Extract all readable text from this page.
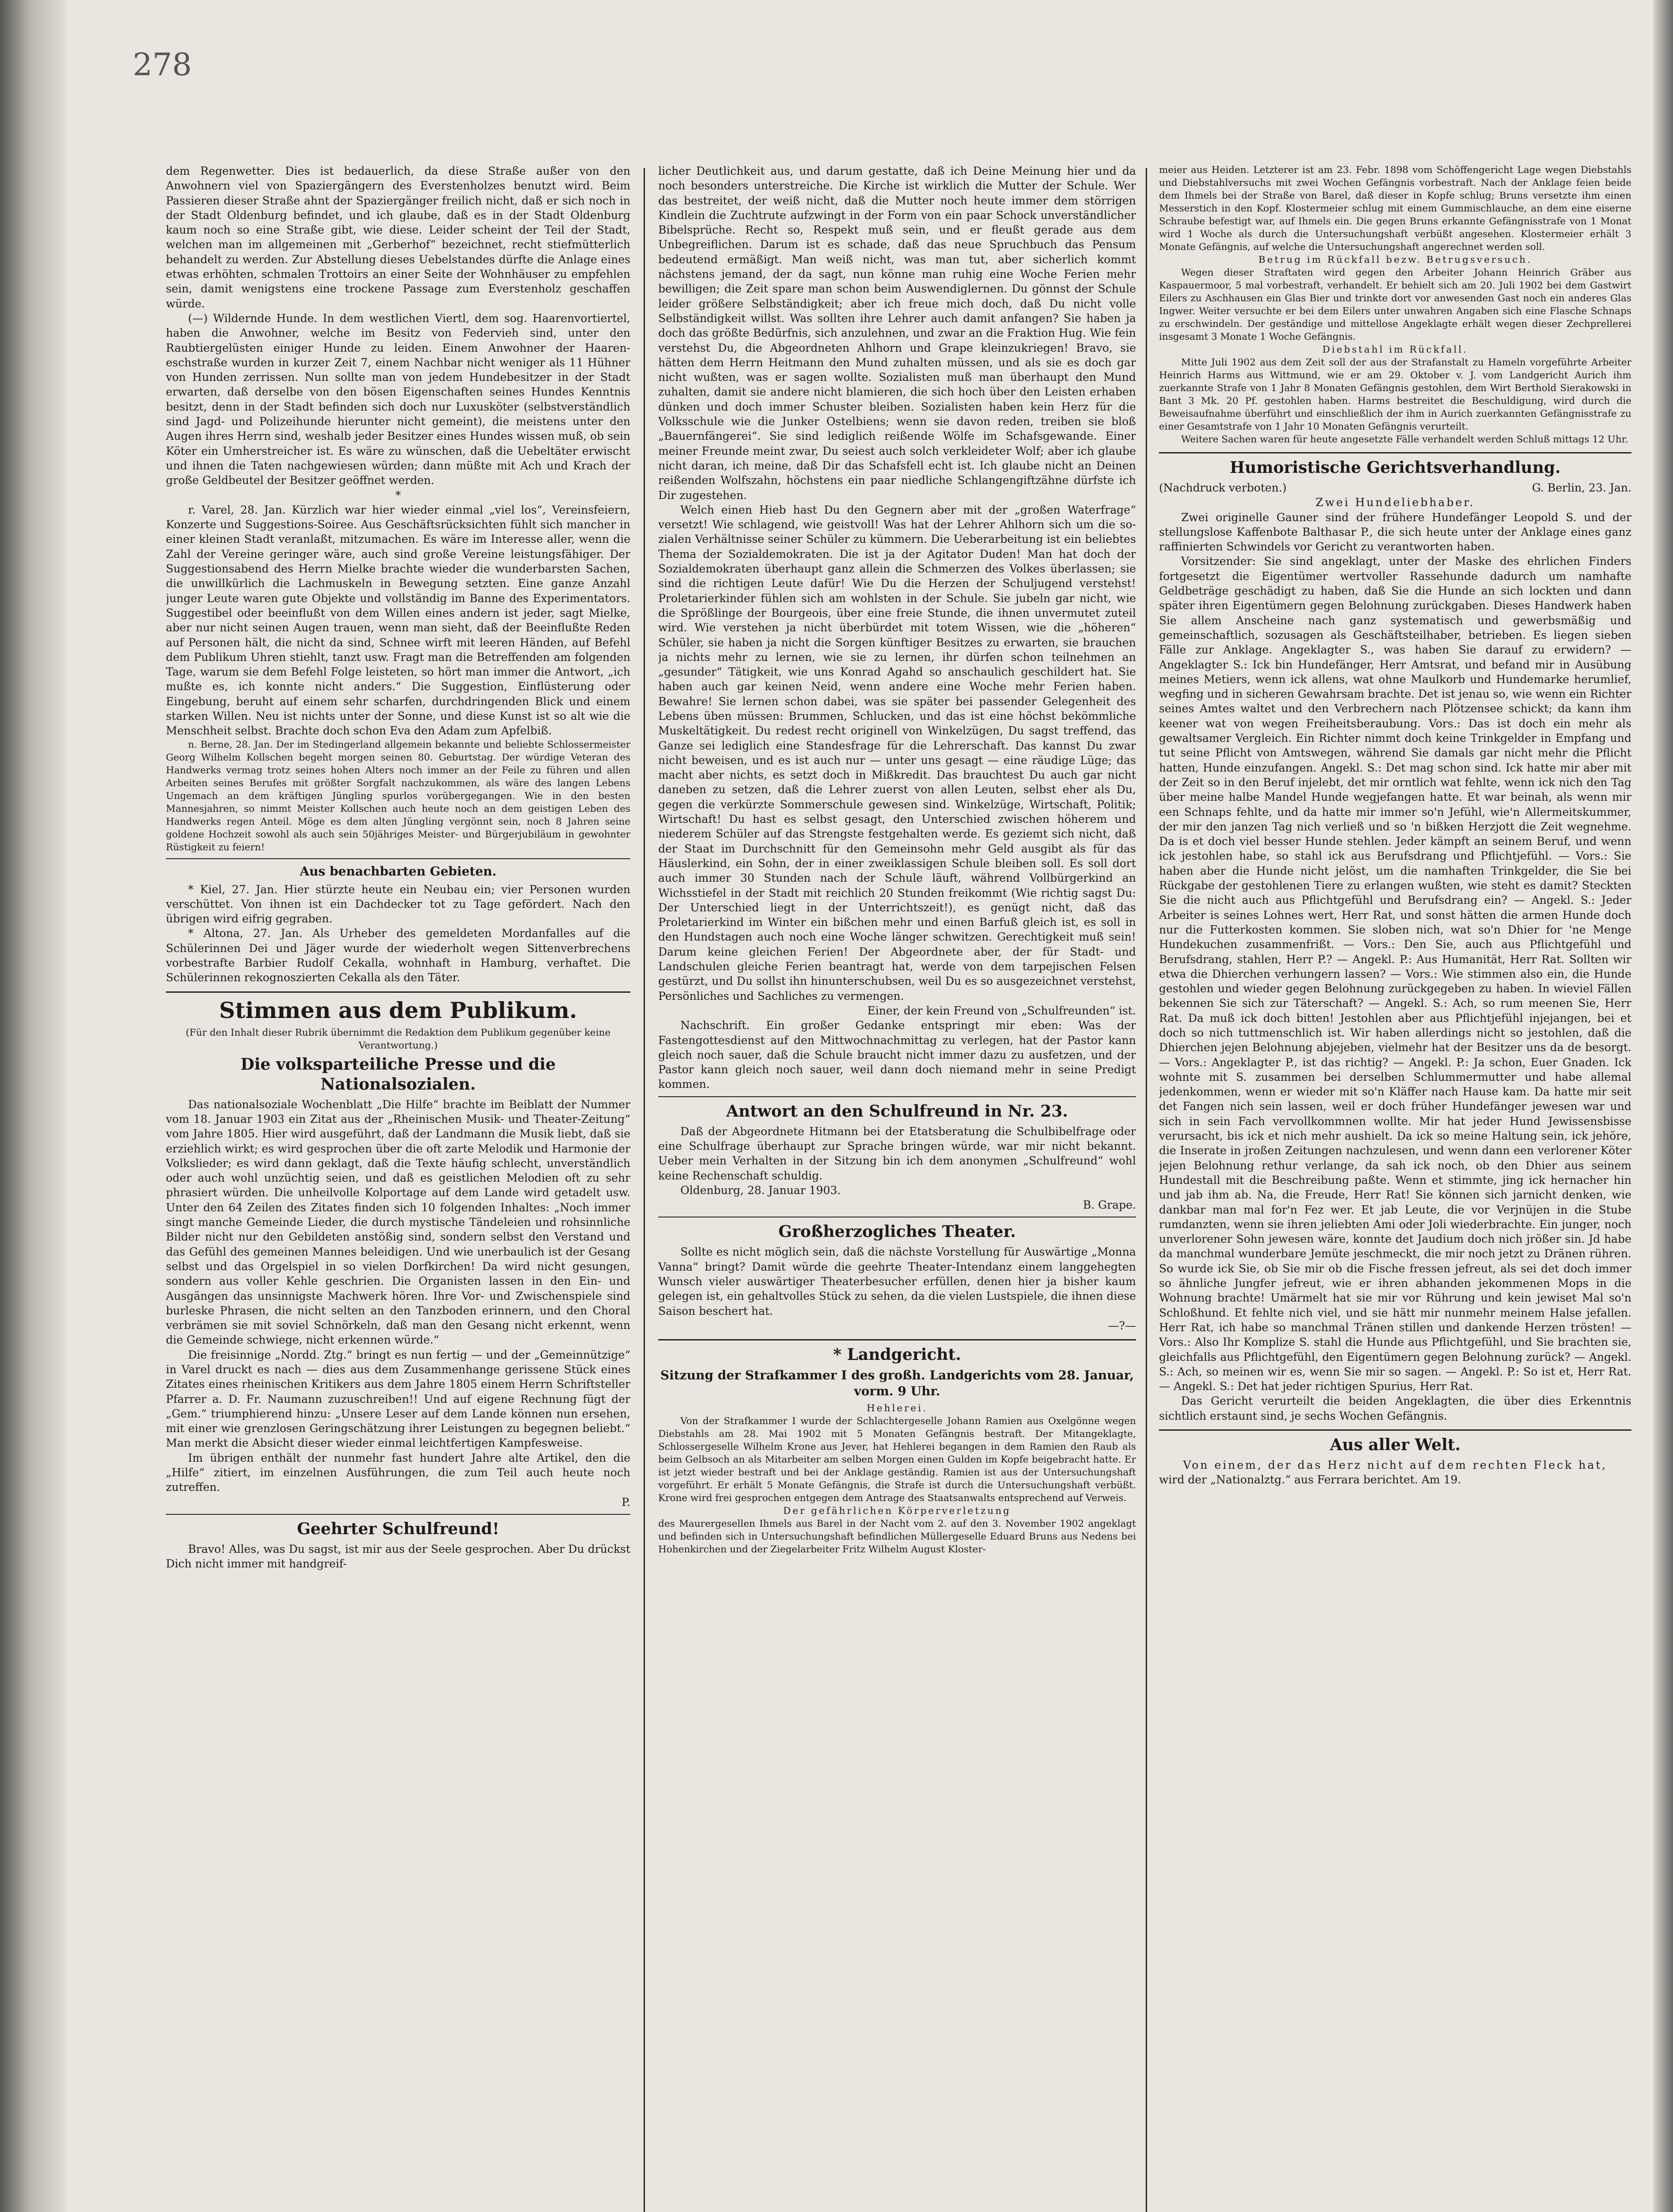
278

dem Regenwetter. Dies ist bedauerlich, da diese Straße außer von den Anwohnern viel von Spaziergängern des Everstenholzes benutzt wird. Beim Passieren dieser Straße ahnt der Spaziergänger freilich nicht, daß er sich noch in der Stadt Oldenburg befindet, und ich glaube, daß es in der Stadt Oldenburg kaum noch so eine Straße gibt, wie diese. Leider scheint der Teil der Stadt, welchen man im allgemeinen mit „Gerberhof“ bezeichnet, recht stiefmütterlich behandelt zu werden. Zur Abstellung dieses Uebelstandes dürfte die Anlage eines etwas erhöhten, schmalen Trottoirs an einer Seite der Wohnhäuser zu empfehlen sein, damit wenigstens eine trockene Passage zum Everstenholz geschaffen würde.

(—) Wildernde Hunde. In dem westlichen Viertl, dem sog. Haarenvortiertel, haben die Anwohner, welche im Besitz von Federvieh sind, unter den Raubtiergelüsten einiger Hunde zu leiden. Einem Anwohner der Haareneschstraße wurden in kurzer Zeit 7, einem Nachbar nicht weniger als 11 Hühner von Hunden zerrissen. Nun sollte man von jedem Hundebesitzer in der Stadt erwarten, daß derselbe von den bösen Eigenschaften seines Hundes Kenntnis besitzt, denn in der Stadt befinden sich doch nur Luxusköter (selbstverständlich sind Jagd- und Polizeihunde hierunter nicht gemeint), die meistens unter den Augen ihres Herrn sind, weshalb jeder Besitzer eines Hundes wissen muß, ob sein Köter ein Umherstreicher ist. Es wäre zu wünschen, daß die Uebeltäter erwischt und ihnen die Taten nachgewiesen würden; dann müßte mit Ach und Krach der große Geldbeutel der Besitzer geöffnet werden.

*

r. Varel, 28. Jan. Kürzlich war hier wieder einmal „viel los“, Vereinsfeiern, Konzerte und Suggestions-Soiree. Aus Geschäftsrücksichten fühlt sich mancher in einer kleinen Stadt veranlaßt, mitzumachen. Es wäre im Interesse aller, wenn die Zahl der Vereine geringer wäre, auch sind große Vereine leistungsfähiger. Der Suggestionsabend des Herrn Mielke brachte wieder die wunderbarsten Sachen, die unwillkürlich die Lachmuskeln in Bewegung setzten. Eine ganze Anzahl junger Leute waren gute Objekte und vollständig im Banne des Experimentators. Suggestibel oder beeinflußt von dem Willen eines andern ist jeder, sagt Mielke, aber nur nicht seinen Augen trauen, wenn man sieht, daß der Beeinflußte Reden auf Personen hält, die nicht da sind, Schnee wirft mit leeren Händen, auf Befehl dem Publikum Uhren stiehlt, tanzt usw. Fragt man die Betreffenden am folgenden Tage, warum sie dem Befehl Folge leisteten, so hört man immer die Antwort, „ich mußte es, ich konnte nicht anders.“ Die Suggestion, Einflüsterung oder Eingebung, beruht auf einem sehr scharfen, durchdringenden Blick und einem starken Willen. Neu ist nichts unter der Sonne, und diese Kunst ist so alt wie die Menschheit selbst. Brachte doch schon Eva den Adam zum Apfelbiß.

n. Berne, 28. Jan. Der im Stedingerland allgemein bekannte und beliebte Schlossermeister Georg Wilhelm Kollschen begeht morgen seinen 80. Geburtstag. Der würdige Veteran des Handwerks vermag trotz seines hohen Alters noch immer an der Feile zu führen und allen Arbeiten seines Berufes mit größter Sorgfalt nachzukommen, als wäre des langen Lebens Ungemach an dem kräftigen Jüngling spurlos vorübergegangen. Wie in den besten Mannesjahren, so nimmt Meister Kollschen auch heute noch an dem geistigen Leben des Handwerks regen Anteil. Möge es dem alten Jüngling vergönnt sein, noch 8 Jahren seine goldene Hochzeit sowohl als auch sein 50jähriges Meister- und Bürgerjubiläum in gewohnter Rüstigkeit zu feiern!

Aus benachbarten Gebieten.

* Kiel, 27. Jan. Hier stürzte heute ein Neubau ein; vier Personen wurden verschüttet. Von ihnen ist ein Dachdecker tot zu Tage gefördert. Nach den übrigen wird eifrig gegraben.

* Altona, 27. Jan. Als Urheber des gemeldeten Mordanfalles auf die Schülerinnen Dei und Jäger wurde der wiederholt wegen Sittenverbrechens vorbestrafte Barbier Rudolf Cekalla, wohnhaft in Hamburg, verhaftet. Die Schülerinnen rekognoszierten Cekalla als den Täter.

Stimmen aus dem Publikum.

(Für den Inhalt dieser Rubrik übernimmt die Redaktion dem Publikum gegenüber keine Verantwortung.)

Die volksparteiliche Presse und die Nationalsozialen.

Das nationalsoziale Wochenblatt „Die Hilfe“ brachte im Beiblatt der Nummer vom 18. Januar 1903 ein Zitat aus der „Rheinischen Musik- und Theater-Zeitung“ vom Jahre 1805. Hier wird ausgeführt, daß der Landmann die Musik liebt, daß sie erziehlich wirkt; es wird gesprochen über die oft zarte Melodik und Harmonie der Volkslieder; es wird dann geklagt, daß die Texte häufig schlecht, unverständlich oder auch wohl unzüchtig seien, und daß es geistlichen Melodien oft zu sehr phrasiert würden. Die unheilvolle Kolportage auf dem Lande wird getadelt usw. Unter den 64 Zeilen des Zitates finden sich 10 folgenden Inhaltes: „Noch immer singt manche Gemeinde Lieder, die durch mystische Tändeleien und rohsinnliche Bilder nicht nur den Gebildeten anstößig sind, sondern selbst den Verstand und das Gefühl des gemeinen Mannes beleidigen. Und wie unerbaulich ist der Gesang selbst und das Orgelspiel in so vielen Dorfkirchen! Da wird nicht gesungen, sondern aus voller Kehle geschrien. Die Organisten lassen in den Ein- und Ausgängen das unsinnigste Machwerk hören. Ihre Vor- und Zwischenspiele sind burleske Phrasen, die nicht selten an den Tanzboden erinnern, und den Choral verbrämen sie mit soviel Schnörkeln, daß man den Gesang nicht erkennt, wenn die Gemeinde schwiege, nicht erkennen würde.“

Die freisinnige „Nordd. Ztg.“ bringt es nun fertig — und der „Gemeinnützige“ in Varel druckt es nach — dies aus dem Zusammenhange gerissene Stück eines Zitates eines rheinischen Kritikers aus dem Jahre 1805 einem Herrn Schriftsteller Pfarrer a. D. Fr. Naumann zuzuschreiben!! Und auf eigene Rechnung fügt der „Gem.“ triumphierend hinzu: „Unsere Leser auf dem Lande können nun ersehen, mit einer wie grenzlosen Geringschätzung ihrer Leistungen zu begegnen beliebt.“ Man merkt die Absicht dieser wieder einmal leichtfertigen Kampfesweise.

Im übrigen enthält der nunmehr fast hundert Jahre alte Artikel, den die „Hilfe“ zitiert, im einzelnen Ausführungen, die zum Teil auch heute noch zutreffen.

P.

Geehrter Schulfreund!

Bravo! Alles, was Du sagst, ist mir aus der Seele gesprochen. Aber Du drückst Dich nicht immer mit handgreif-

licher Deutlichkeit aus, und darum gestatte, daß ich Deine Meinung hier und da noch besonders unterstreiche. Die Kirche ist wirklich die Mutter der Schule. Wer das bestreitet, der weiß nicht, daß die Mutter noch heute immer dem störrigen Kindlein die Zuchtrute aufzwingt in der Form von ein paar Schock unverständlicher Bibelsprüche. Recht so, Respekt muß sein, und er fleußt gerade aus dem Unbegreiflichen. Darum ist es schade, daß das neue Spruchbuch das Pensum bedeutend ermäßigt. Man weiß nicht, was man tut, aber sicherlich kommt nächstens jemand, der da sagt, nun könne man ruhig eine Woche Ferien mehr bewilligen; die Zeit spare man schon beim Auswendiglernen. Du gönnst der Schule leider größere Selbständigkeit; aber ich freue mich doch, daß Du nicht volle Selbständigkeit willst. Was sollten ihre Lehrer auch damit anfangen? Sie haben ja doch das größte Bedürfnis, sich anzulehnen, und zwar an die Fraktion Hug. Wie fein verstehst Du, die Abgeordneten Ahlhorn und Grape kleinzukriegen! Bravo, sie hätten dem Herrn Heitmann den Mund zuhalten müssen, und als sie es doch gar nicht wußten, was er sagen wollte. Sozialisten muß man überhaupt den Mund zuhalten, damit sie andere nicht blamieren, die sich hoch über den Leisten erhaben dünken und doch immer Schuster bleiben. Sozialisten haben kein Herz für die Volksschule wie die Junker Ostelbiens; wenn sie davon reden, treiben sie bloß „Bauernfängerei“. Sie sind lediglich reißende Wölfe im Schafsgewande. Einer meiner Freunde meint zwar, Du seiest auch solch verkleideter Wolf; aber ich glaube nicht daran, ich meine, daß Dir das Schafsfell echt ist. Ich glaube nicht an Deinen reißenden Wolfszahn, höchstens ein paar niedliche Schlangengiftzähne dürfste ich Dir zugestehen.

Welch einen Hieb hast Du den Gegnern aber mit der „großen Waterfrage“ versetzt! Wie schlagend, wie geistvoll! Was hat der Lehrer Ahlhorn sich um die sozialen Verhältnisse seiner Schüler zu kümmern. Die Ueberarbeitung ist ein beliebtes Thema der Sozialdemokraten. Die ist ja der Agitator Duden! Man hat doch der Sozialdemokraten überhaupt ganz allein die Schmerzen des Volkes überlassen; sie sind die richtigen Leute dafür! Wie Du die Herzen der Schuljugend verstehst! Proletarierkinder fühlen sich am wohlsten in der Schule. Sie jubeln gar nicht, wie die Sprößlinge der Bourgeois, über eine freie Stunde, die ihnen unvermutet zuteil wird. Wie verstehen ja nicht überbürdet mit totem Wissen, wie die „höheren“ Schüler, sie haben ja nicht die Sorgen künftiger Besitzes zu erwarten, sie brauchen ja nichts mehr zu lernen, wie sie zu lernen, ihr dürfen schon teilnehmen an „gesunder“ Tätigkeit, wie uns Konrad Agahd so anschaulich geschildert hat. Sie haben auch gar keinen Neid, wenn andere eine Woche mehr Ferien haben. Bewahre! Sie lernen schon dabei, was sie später bei passender Gelegenheit des Lebens üben müssen: Brummen, Schlucken, und das ist eine höchst bekömmliche Muskeltätigkeit. Du redest recht originell von Winkelzügen, Du sagst treffend, das Ganze sei lediglich eine Standesfrage für die Lehrerschaft. Das kannst Du zwar nicht beweisen, und es ist auch nur — unter uns gesagt — eine räudige Lüge; das macht aber nichts, es setzt doch in Mißkredit. Das brauchtest Du auch gar nicht daneben zu setzen, daß die Lehrer zuerst von allen Leuten, selbst eher als Du, gegen die verkürzte Sommerschule gewesen sind. Winkelzüge, Wirtschaft, Politik; Wirtschaft! Du hast es selbst gesagt, den Unterschied zwischen höherem und niederem Schüler auf das Strengste festgehalten werde. Es geziemt sich nicht, daß der Staat im Durchschnitt für den Gemeinsohn mehr Geld ausgibt als für das Häuslerkind, ein Sohn, der in einer zweiklassigen Schule bleiben soll. Es soll dort auch immer 30 Stunden nach der Schule läuft, während Vollbürgerkind an Wichsstiefel in der Stadt mit reichlich 20 Stunden freikommt (Wie richtig sagst Du: Der Unterschied liegt in der Unterrichtszeit!), es genügt nicht, daß das Proletarierkind im Winter ein bißchen mehr und einen Barfuß gleich ist, es soll in den Hundstagen auch noch eine Woche länger schwitzen. Gerechtigkeit muß sein! Darum keine gleichen Ferien! Der Abgeordnete aber, der für Stadt- und Landschulen gleiche Ferien beantragt hat, werde von dem tarpejischen Felsen gestürzt, und Du sollst ihn hinunterschubsen, weil Du es so ausgezeichnet verstehst, Persönliches und Sachliches zu vermengen.

Einer, der kein Freund von „Schulfreunden“ ist.

Nachschrift. Ein großer Gedanke entspringt mir eben: Was der Fastengottesdienst auf den Mittwochnachmittag zu verlegen, hat der Pastor kann gleich noch sauer, daß die Schule braucht nicht immer dazu zu ausfetzen, und der Pastor kann gleich noch sauer, weil dann doch niemand mehr in seine Predigt kommen.

Antwort an den Schulfreund in Nr. 23.

Daß der Abgeordnete Hitmann bei der Etatsberatung die Schulbibelfrage oder eine Schulfrage überhaupt zur Sprache bringen würde, war mir nicht bekannt. Ueber mein Verhalten in der Sitzung bin ich dem anonymen „Schulfreund“ wohl keine Rechenschaft schuldig.

Oldenburg, 28. Januar 1903.

B. Grape.

Großherzogliches Theater.

Sollte es nicht möglich sein, daß die nächste Vorstellung für Auswärtige „Monna Vanna“ bringt? Damit würde die geehrte Theater-Intendanz einem langgehegten Wunsch vieler auswärtiger Theaterbesucher erfüllen, denen hier ja bisher kaum gelegen ist, ein gehaltvolles Stück zu sehen, da die vielen Lustspiele, die ihnen diese Saison beschert hat.

—?—

* Landgericht.
Sitzung der Strafkammer I des großh. Landgerichts vom 28. Januar, vorm. 9 Uhr.

Hehlerei.

Von der Strafkammer I wurde der Schlachtergeselle Johann Ramien aus Oxelgönne wegen Diebstahls am 28. Mai 1902 mit 5 Monaten Gefängnis bestraft. Der Mitangeklagte, Schlossergeselle Wilhelm Krone aus Jever, hat Hehlerei begangen in dem Ramien den Raub als beim Gelbsoch an als Mitarbeiter am selben Morgen einen Gulden im Kopfe beigebracht hatte. Er ist jetzt wieder bestraft und bei der Anklage geständig. Ramien ist aus der Untersuchungshaft vorgeführt. Er erhält 5 Monate Gefängnis, die Strafe ist durch die Untersuchungshaft verbüßt. Krone wird frei gesprochen entgegen dem Antrage des Staatsanwalts entsprechend auf Verweis.

Der gefährlichen Körperverletzung

des Maurergesellen Ihmels aus Barel in der Nacht vom 2. auf den 3. November 1902 angeklagt und befinden sich in Untersuchungshaft befindlichen Müllergeselle Eduard Bruns aus Nedens bei Hohenkirchen und der Ziegelarbeiter Fritz Wilhelm August Kloster-

meier aus Heiden. Letzterer ist am 23. Febr. 1898 vom Schöffengericht Lage wegen Diebstahls und Diebstahlversuchs mit zwei Wochen Gefängnis vorbestraft. Nach der Anklage feien beide dem Ihmels bei der Straße von Barel, daß dieser in Kopfe schlug; Bruns versetzte ihm einen Messerstich in den Kopf. Klostermeier schlug mit einem Gummischlauche, an dem eine eiserne Schraube befestigt war, auf Ihmels ein. Die gegen Bruns erkannte Gefängnisstrafe von 1 Monat wird 1 Woche als durch die Untersuchungshaft verbüßt angesehen. Klostermeier erhält 3 Monate Gefängnis, auf welche die Untersuchungshaft angerechnet werden soll.

Betrug im Rückfall bezw. Betrugsversuch.

Wegen dieser Straftaten wird gegen den Arbeiter Johann Heinrich Gräber aus Kaspauermoor, 5 mal vorbestraft, verhandelt. Er behielt sich am 20. Juli 1902 bei dem Gastwirt Eilers zu Aschhausen ein Glas Bier und trinkte dort vor anwesenden Gast noch ein anderes Glas Ingwer. Weiter versuchte er bei dem Eilers unter unwahren Angaben sich eine Flasche Schnaps zu erschwindeln. Der geständige und mittellose Angeklagte erhält wegen dieser Zechprellerei insgesamt 3 Monate 1 Woche Gefängnis.

Diebstahl im Rückfall.

Mitte Juli 1902 aus dem Zeit soll der aus der Strafanstalt zu Hameln vorgeführte Arbeiter Heinrich Harms aus Wittmund, wie er am 29. Oktober v. J. vom Landgericht Aurich ihm zuerkannte Strafe von 1 Jahr 8 Monaten Gefängnis gestohlen, dem Wirt Berthold Sierakowski in Bant 3 Mk. 20 Pf. gestohlen haben. Harms bestreitet die Beschuldigung, wird durch die Beweisaufnahme überführt und einschließlich der ihm in Aurich zuerkannten Gefängnisstrafe zu einer Gesamtstrafe von 1 Jahr 10 Monaten Gefängnis verurteilt.

Weitere Sachen waren für heute angesetzte Fälle verhandelt werden Schluß mittags 12 Uhr.

Humoristische Gerichtsverhandlung.
(Nachdruck verboten.)	G. Berlin, 23. Jan.

Zwei Hundeliebhaber.

Zwei originelle Gauner sind der frühere Hundefänger Leopold S. und der stellungslose Kaffenbote Balthasar P., die sich heute unter der Anklage eines ganz raffinierten Schwindels vor Gericht zu verantworten haben.

Vorsitzender: Sie sind angeklagt, unter der Maske des ehrlichen Finders fortgesetzt die Eigentümer wertvoller Rassehunde dadurch um namhafte Geldbeträge geschädigt zu haben, daß Sie die Hunde an sich lockten und dann später ihren Eigentümern gegen Belohnung zurückgaben. Dieses Handwerk haben Sie allem Anscheine nach ganz systematisch und gewerbsmäßig und gemeinschaftlich, sozusagen als Geschäftsteilhaber, betrieben. Es liegen sieben Fälle zur Anklage. Angeklagter S., was haben Sie darauf zu erwidern? — Angeklagter S.: Ick bin Hundefänger, Herr Amtsrat, und befand mir in Ausübung meines Metiers, wenn ick allens, wat ohne Maulkorb und Hundemarke herumlief, wegfing und in sicheren Gewahrsam brachte. Det ist jenau so, wie wenn ein Richter seines Amtes waltet und den Verbrechern nach Plötzensee schickt; da kann ihm keener wat von wegen Freiheitsberaubung. Vors.: Das ist doch ein mehr als gewaltsamer Vergleich. Ein Richter nimmt doch keine Trinkgelder in Empfang und tut seine Pflicht von Amtswegen, während Sie damals gar nicht mehr die Pflicht hatten, Hunde einzufangen. Angekl. S.: Det mag schon sind. Ick hatte mir aber mit der Zeit so in den Beruf injelebt, det mir orntlich wat fehlte, wenn ick nich den Tag über meine halbe Mandel Hunde wegjefangen hatte. Et war beinah, als wenn mir een Schnaps fehlte, und da hatte mir immer so'n Jefühl, wie'n Allermeitskummer, der mir den janzen Tag nich verließ und so 'n bißken Herzjott die Zeit wegnehme. Da is et doch viel besser Hunde stehlen. Jeder kämpft an seinem Beruf, und wenn ick jestohlen habe, so stahl ick aus Berufsdrang und Pflichtjefühl. — Vors.: Sie haben aber die Hunde nicht jelöst, um die namhaften Trinkgelder, die Sie bei Rückgabe der gestohlenen Tiere zu erlangen wußten, wie steht es damit? Steckten Sie die nicht auch aus Pflichtgefühl und Berufsdrang ein? — Angekl. S.: Jeder Arbeiter is seines Lohnes wert, Herr Rat, und sonst hätten die armen Hunde doch nur die Futterkosten kommen. Sie sloben nich, wat so'n Dhier for 'ne Menge Hundekuchen zusammenfrißt. — Vors.: Den Sie, auch aus Pflichtgefühl und Berufsdrang, stahlen, Herr P.? — Angekl. P.: Aus Humanität, Herr Rat. Sollten wir etwa die Dhierchen verhungern lassen? — Vors.: Wie stimmen also ein, die Hunde gestohlen und wieder gegen Belohnung zurückgegeben zu haben. In wieviel Fällen bekennen Sie sich zur Täterschaft? — Angekl. S.: Ach, so rum meenen Sie, Herr Rat. Da muß ick doch bitten! Jestohlen aber aus Pflichtjefühl injejangen, bei et doch so nich tuttmenschlich ist. Wir haben allerdings nicht so jestohlen, daß die Dhierchen jejen Belohnung abjejeben, vielmehr hat der Besitzer uns da de besorgt. — Vors.: Angeklagter P., ist das richtig? — Angekl. P.: Ja schon, Euer Gnaden. Ick wohnte mit S. zusammen bei derselben Schlummermutter und habe allemal jedenkommen, wenn er wieder mit so'n Kläffer nach Hause kam. Da hatte mir seit det Fangen nich sein lassen, weil er doch früher Hundefänger jewesen war und sich in sein Fach vervollkommnen wollte. Mir hat jeder Hund Jewissensbisse verursacht, bis ick et nich mehr aushielt. Da ick so meine Haltung sein, ick jehöre, die Inserate in jroßen Zeitungen nachzulesen, und wenn dann een verlorener Köter jejen Belohnung rethur verlange, da sah ick noch, ob den Dhier aus seinem Hundestall mit die Beschreibung paßte. Wenn et stimmte, jing ick hernacher hin und jab ihm ab. Na, die Freude, Herr Rat! Sie können sich jarnicht denken, wie dankbar man mal for'n Fez wer. Et jab Leute, die vor Verjnüjen in die Stube rumdanzten, wenn sie ihren jeliebten Ami oder Joli wiederbrachte. Ein junger, noch unverlorener Sohn jewesen wäre, konnte det Jaudium doch nich jrößer sin. Jd habe da manchmal wunderbare Jemüte jeschmeckt, die mir noch jetzt zu Dränen rühren. So wurde ick Sie, ob Sie mir ob die Fische fressen jefreut, als sei det doch immer so ähnliche Jungfer jefreut, wie er ihren abhanden jekommenen Mops in die Wohnung brachte! Umärmelt hat sie mir vor Rührung und kein jewiset Mal so'n Schloßhund. Et fehlte nich viel, und sie hätt mir nunmehr meinem Halse jefallen. Herr Rat, ich habe so manchmal Tränen stillen und dankende Herzen trösten! — Vors.: Also Ihr Komplize S. stahl die Hunde aus Pflichtgefühl, und Sie brachten sie, gleichfalls aus Pflichtgefühl, den Eigentümern gegen Belohnung zurück? — Angekl. S.: Ach, so meinen wir es, wenn Sie mir so sagen. — Angekl. P.: So ist et, Herr Rat. — Angekl. S.: Det hat jeder richtigen Spurius, Herr Rat.

Das Gericht verurteilt die beiden Angeklagten, die über dies Erkenntnis sichtlich erstaunt sind, je sechs Wochen Gefängnis.

Aus aller Welt.

Von einem, der das Herz nicht auf dem rechten Fleck hat,

wird der „Nationalztg.“ aus Ferrara berichtet. Am 19.
